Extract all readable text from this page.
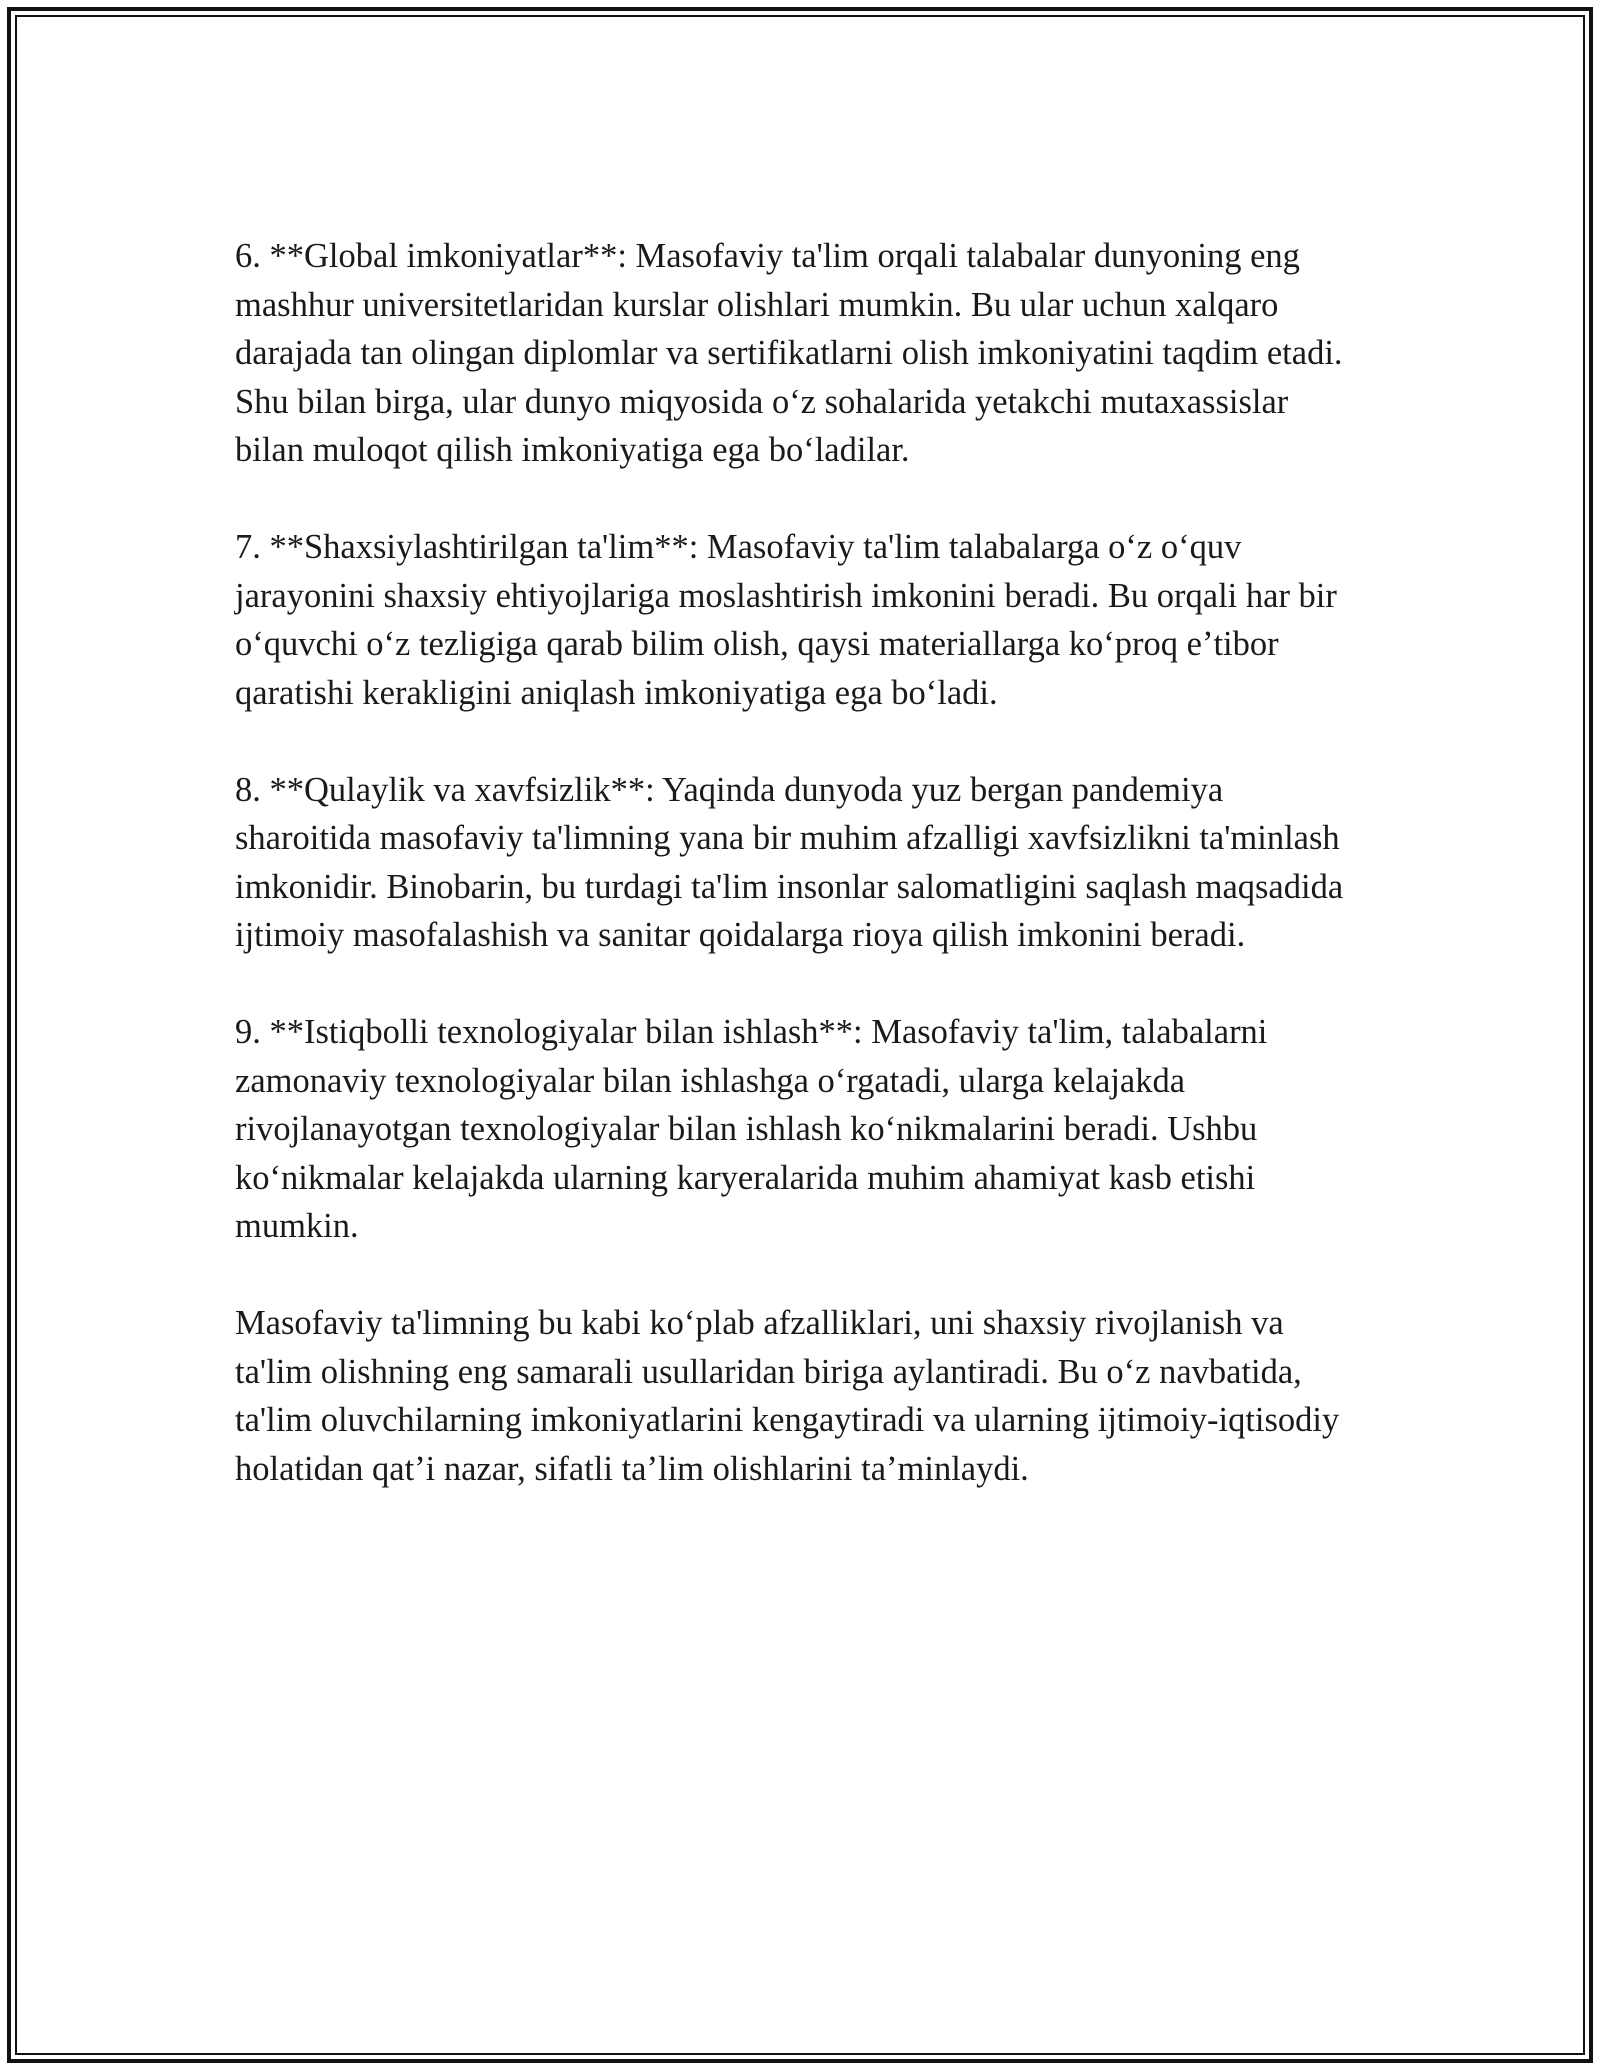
6. **Global imkoniyatlar**: Masofaviy ta'lim orqali talabalar dunyoning eng mashhur universitetlaridan kurslar olishlari mumkin. Bu ular uchun xalqaro darajada tan olingan diplomlar va sertifikatlarni olish imkoniyatini taqdim etadi. Shu bilan birga, ular dunyo miqyosida oʻz sohalarida yetakchi mutaxassislar bilan muloqot qilish imkoniyatiga ega boʻladilar.

7. **Shaxsiylashtirilgan ta'lim**: Masofaviy ta'lim talabalarga oʻz oʻquv jarayonini shaxsiy ehtiyojlariga moslashtirish imkonini beradi. Bu orqali har bir oʻquvchi oʻz tezligiga qarab bilim olish, qaysi materiallarga koʻproq eʼtibor qaratishi kerakligini aniqlash imkoniyatiga ega boʻladi.

8. **Qulaylik va xavfsizlik**: Yaqinda dunyoda yuz bergan pandemiya sharoitida masofaviy ta'limning yana bir muhim afzalligi xavfsizlikni ta'minlash imkonidir. Binobarin, bu turdagi ta'lim insonlar salomatligini saqlash maqsadida ijtimoiy masofalashish va sanitar qoidalarga rioya qilish imkonini beradi.

9. **Istiqbolli texnologiyalar bilan ishlash**: Masofaviy ta'lim, talabalarni zamonaviy texnologiyalar bilan ishlashga oʻrgatadi, ularga kelajakda rivojlanayotgan texnologiyalar bilan ishlash koʻnikmalarini beradi. Ushbu koʻnikmalar kelajakda ularning karyeralarida muhim ahamiyat kasb etishi mumkin.

Masofaviy ta'limning bu kabi koʻplab afzalliklari, uni shaxsiy rivojlanish va ta'lim olishning eng samarali usullaridan biriga aylantiradi. Bu oʻz navbatida, ta'lim oluvchilarning imkoniyatlarini kengaytiradi va ularning ijtimoiy-iqtisodiy holatidan qatʼi nazar, sifatli taʼlim olishlarini taʼminlaydi.
